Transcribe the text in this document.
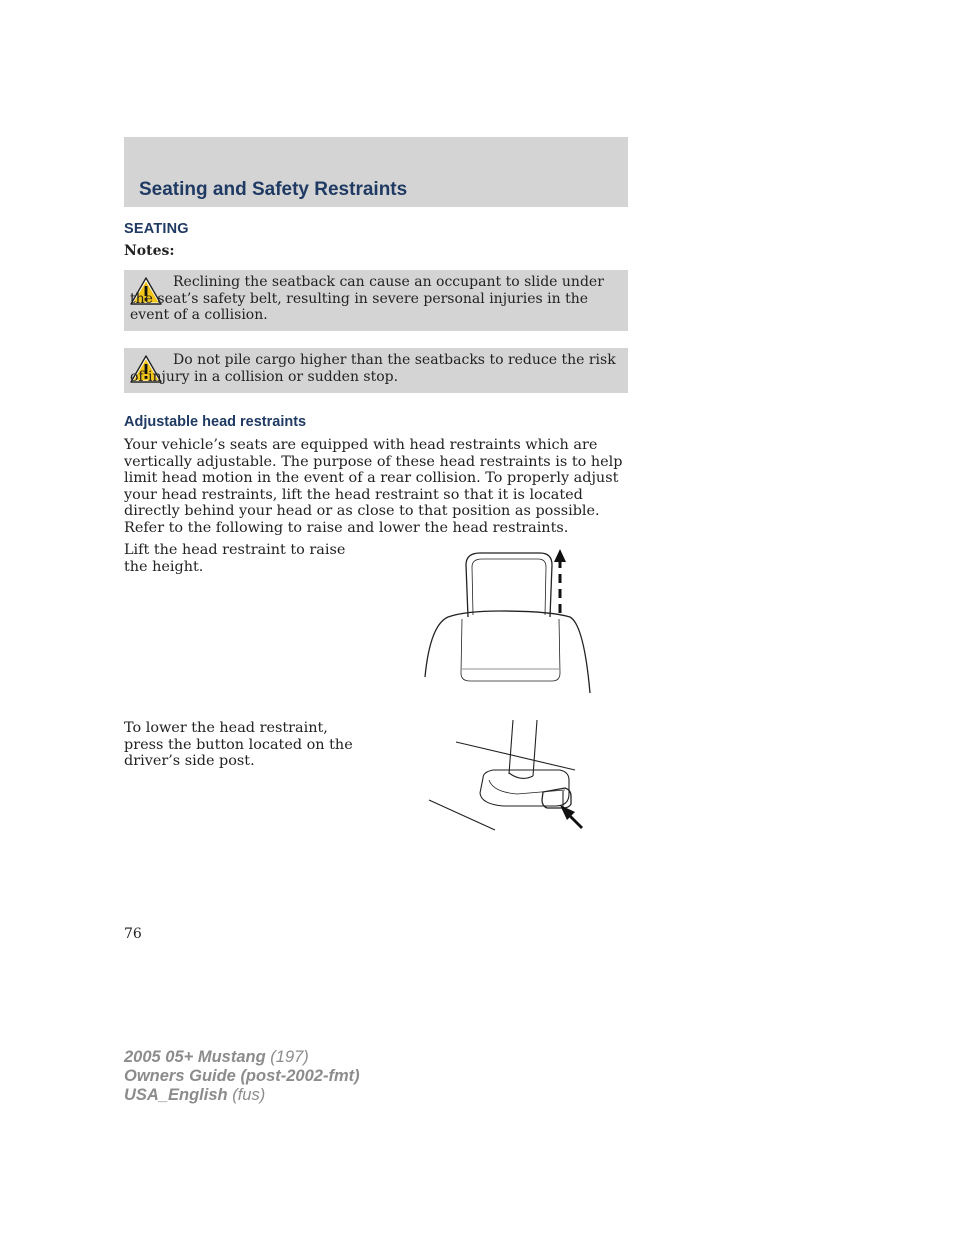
Seating and Safety Restraints
SEATING
Notes:
Reclining the seatback can cause an occupant to slide under the seat’s safety belt, resulting in severe personal injuries in the event of a collision.
Do not pile cargo higher than the seatbacks to reduce the risk of injury in a collision or sudden stop.
Adjustable head restraints
Your vehicle’s seats are equipped with head restraints which are vertically adjustable. The purpose of these head restraints is to help limit head motion in the event of a rear collision. To properly adjust your head restraints, lift the head restraint so that it is located directly behind your head or as close to that position as possible. Refer to the following to raise and lower the head restraints.
Lift the head restraint to raise the height.
To lower the head restraint, press the button located on the driver’s side post.
76
2005 05+ Mustang (197)
Owners Guide (post-2002-fmt)
USA_English (fus)
